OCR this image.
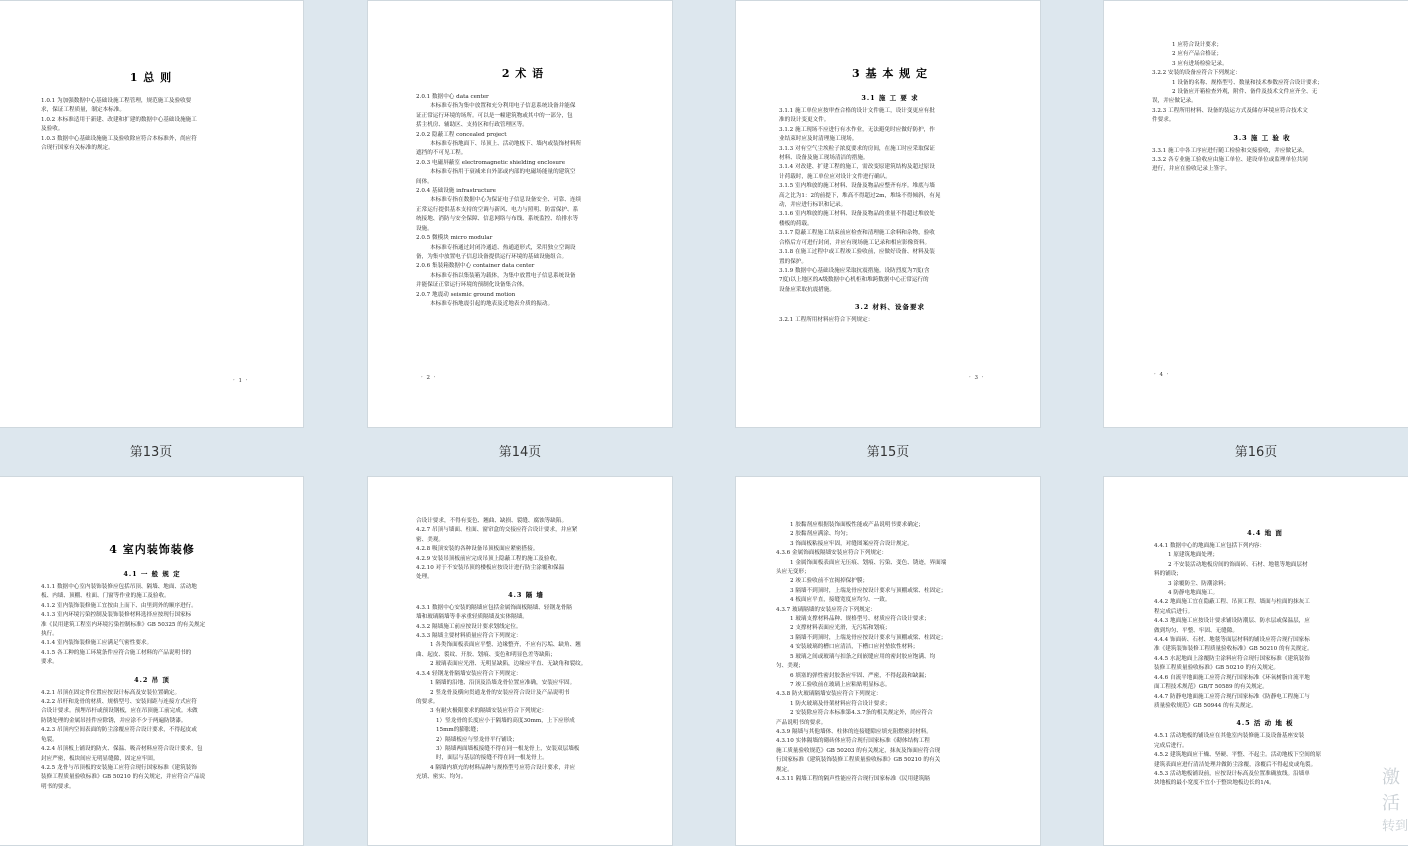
1 总 则
1.0.1 为加强数据中心基础设施工程管理，规范施工及验收要
求，保证工程质量，制定本标准。
1.0.2 本标准适用于新建、改建和扩建的数据中心基础设施施工
及验收。
1.0.3 数据中心基础设施施工及验收除应符合本标准外，尚应符
合现行国家有关标准的规定。
· 1 ·
第13页
2 术 语
2.0.1 数据中心 data center
本标准专指为集中放置和充分利用电子信息系统设备并能保
证正常运行环境的场所。可以是一幢建筑物或其中的一部分，包
括主机房、辅助区、支持区和行政管理区等。
2.0.2 隐蔽工程 concealed project
本标准专指地面下、吊顶上、活动地板下、墙内或装饰材料所
遮挡的不可见工程。
2.0.3 电磁屏蔽室 electromagnetic shielding enclosure
本标准专指用于衰减来自外部或内部的电磁场能量的建筑空
间体。
2.0.4 基础设施 infrastructure
本标准专指在数据中心为保证电子信息设备安全、可靠、连续
正常运行提供基本支持的空调与新风、电力与照明、防雷保护、系
统接地、消防与安全保障、信息网络与布线、系统监控、给排水等
设施。
2.0.5 微模块 micro modular
本标准专指通过封闭冷通道、热通道形式，采用独立空调设
备，为集中放置电子信息设备提供运行环境的基础设施组合。
2.0.6 集装箱数据中心 container data center
本标准专指以集装箱为载体，为集中放置电子信息系统设备
并能保证正常运行环境的预制化设备集合体。
2.0.7 地震动 seismic ground motion
本标准专指地震引起的地表及近地表介质的振动。
· 2 ·
第14页
3 基 本 规 定
3.1 施 工 要 求
3.1.1 施工单位应按审查合格的设计文件施工，设计变更应有批
准的设计变更文件。
3.1.2 施工现场不应进行有水作业，无法避免时应做好防护，作
业结束时应及时清理施工现场。
3.1.3 对有空气尘埃粒子浓度要求的房间，在施工时应采取保证
材料、设备及施工现场清洁的措施。
3.1.4 对改建、扩建工程的施工，需改变原建筑结构及超过原设
计荷载时，施工单位应对设计文件进行确认。
3.1.5 室内堆放的施工材料、设备及物品应整齐有序。堆底与墙
高之比为1：2的前提下，堆高不得超过2m，堆垛不得倾斜，有晃
动，并应进行标识和记录。
3.1.6 室内堆放的施工材料、设备及物品的重量不得超过堆放处
楼板的荷载。
3.1.7 隐蔽工程施工结束前应检查和清理施工余料和杂物，验收
合格后方可进行封闭，并应有现场施工记录和相应影像资料。
3.1.8 在施工过程中或工程竣工验收前，应做好设备、材料及装
置的保护。
3.1.9 数据中心基础设施应采取抗震措施。设防烈度为7度(含
7度)以上地区的A级数据中心机柜和堆跨数据中心正常运行的
设备应采取抗震措施。
3.2 材料、设备要求
3.2.1 工程所用材料应符合下列规定：
· 3 ·
第15页
1 应符合设计要求；
2 应有产品合格证；
3 应有进场检验记录。
3.2.2 安装的设备应符合下列规定：
1 设备的名称、规格型号、数量和技术参数应符合设计要求；
2 设备应开箱检查外观，附件、备件及技术文件应齐全、无
误，并应做记录。
3.2.3 工程所用材料、设备的装运方式及储存环境应符合技术文
件要求。
3.3 施 工 验 收
3.3.1 施工中各工序应进行随工检验和交接验收，并应做记录。
3.3.2 各专业施工验收应由施工单位、建设单位或监理单位共同
进行，并应在验收记录上签字。
· 4 ·
第16页
4 室内装饰装修
4.1 一 般 规 定
4.1.1 数据中心室内装饰装修应包括吊顶、隔墙、地面、活动地
板、内墙、顶棚、柱面、门窗等作业的施工及验收。
4.1.2 室内装饰装修施工宜按由上而下、由里到外的顺序进行。
4.1.3 室内环境污染控制及装饰装修材料选择应按现行国家标
准《民用建筑工程室内环境污染控制标准》GB 50325 的有关规定
执行。
4.1.4 室内装饰装修施工应满足气密性要求。
4.1.5 各工种的施工环境条件应符合施工材料的产品说明书的
要求。
4.2 吊 顶
4.2.1 吊顶在固定件位置应按设计标高及安装位置确定。
4.2.2 吊杆和龙骨的材质、规格型号、安装间距与连接方式应符
合设计要求。预埋吊杆或预设钢板，应在吊顶施工前完成。未做
防锈处理的金属吊挂件应除锈，并应涂不少于两遍防锈漆。
4.2.3 吊顶内空间表面的防尘涂覆应符合设计要求，不得起皮或
龟裂。
4.2.4 吊顶板上铺设的防火、保温、吸音材料应符合设计要求，包
封应严密，板块间应无明显缝隙，固定应牢固。
4.2.5 龙骨与吊顶板的安装施工应符合现行国家标准《建筑装饰
装修工程质量验收标准》GB 50210 的有关规定，并应符合产品说
明书的要求。
合设计要求，不得有变色、翘曲、缺损、裂缝、腐蚀等缺陷。
4.2.7 吊顶与墙面、柱面、窗帘盒的交接应符合设计要求，并应紧
密、美观。
4.2.8 吸顶安装的各种设备吊顶板面应紧密搭接。
4.2.9 安装吊顶板前应完成吊顶上隐蔽工程的施工及验收。
4.2.10 对于不安装吊顶的楼板应按设计进行防尘涂覆和保温
处理。
4.3 隔 墙
4.3.1 数据中心安装的隔墙应包括金属饰面板隔墙、轻钢龙骨隔
墙和玻璃隔墙等非承重轻质隔墙及实体隔墙。
4.3.2 隔墙施工前应按设计要求划线定位。
4.3.3 隔墙主要材料质量应符合下列规定：
1 各类饰面板表面应平整、边缘整齐，不应有污垢、缺角、翘
曲、起皮、裂纹、开胶、划痕、变色和明显色差等缺陷；
2 玻璃表面应光滑、无明显缺陷，边缘应平直、无缺角和裂纹。
4.3.4 轻钢龙骨隔墙安装应符合下列规定：
1 隔墙的沿地、沿顶及沿墙龙骨位置应准确，安装应牢固。
2 竖龙骨及横向贯通龙骨的安装应符合设计及产品说明书
的要求。
3 有耐火极限要求的隔墙安装应符合下列规定：
1）竖龙骨的长度应小于隔墙的高度30mm，上下应形成
15mm的膨胀缝；
2）隔墙板应与竖龙骨平行铺设；
3）隔墙两面墙板接缝不得在同一根龙骨上，安装双层墙板
时，面层与基层的接缝不得在同一根龙骨上。
4 隔墙内填充的材料品种与规格型号应符合设计要求，并应
充填、密实、均匀。
1 胶黏剂应根据装饰面板性能或产品说明书要求确定；
2 胶黏剂应满涂、均匀；
3 饰面板粘接应牢固，对缝图案应符合设计规定。
4.3.6 金属饰面板隔墙安装应符合下列规定：
1 金属饰面板表面应无压痕、划痕、污染、变色、锈迹，界面端
头应无变形；
2 竣工验收前不宜揭掉保护膜；
3 隔墙不到顶时，上端龙骨应按设计要求与顶棚或梁、柱固定；
4 板面应平直，接缝宽度应均匀、一致。
4.3.7 玻璃隔墙的安装应符合下列规定：
1 玻璃支撑材料品种、规格型号、材质应符合设计要求；
2 支撑材料表面应光滑，无污垢和划痕；
3 隔墙不到顶时，上端龙骨应按设计要求与顶棚或梁、柱固定；
4 安装玻璃的槽口应清洁，下槽口应衬垫软性材料；
5 玻璃之间或玻璃与扣条之间嵌缝应用的密封胶应饱满、均
匀、美观；
6 填塞的弹性密封胶条应牢固、严密，不得起鼓和缺漏；
7 竣工验收前在玻璃上应粘贴明显标志。
4.3.8 防火玻璃隔墙安装应符合下列规定：
1 防火玻璃及骨架材料应符合设计要求；
2 安装除应符合本标准第4.3.7条的相关规定外，尚应符合
产品说明书的要求。
4.3.9 隔墙与其他墙体、柱体的连接缝隙应填充阻燃密封材料。
4.3.10 实体隔墙的砌砖体应符合现行国家标准《砌体结构工程
施工质量验收规范》GB 50203 的有关规定，抹灰及饰面应符合现
行国家标准《建筑装饰装修工程质量验收标准》GB 50210 的有关
规定。
4.3.11 隔墙工程的隔声性能应符合现行国家标准《民用建筑隔
4.4 地 面
4.4.1 数据中心的地面施工应包括下列内容：
1 原建筑地面处理；
2 不安装活动地板房间的饰面砖、石材、地毯等地面层材
料的铺设；
3 涂覆防尘、防潮涂料；
4 防静电地面施工。
4.4.2 地面施工宜在隐蔽工程、吊顶工程、墙面与柱面的抹灰工
程完成后进行。
4.4.3 地面施工应按设计要求铺设防潮层、防水层或保温层，应
做到均匀、平整、牢固、无缝隙。
4.4.4 饰面砖、石材、地毯等面层材料的铺设应符合现行国家标
准《建筑装饰装修工程质量验收标准》GB 50210 的有关规定。
4.4.5 水泥地面上涂覆防尘涂料应符合现行国家标准《建筑装饰
装修工程质量验收标准》GB 50210 的有关规定。
4.4.6 自流平地面施工应符合现行国家标准《环氧树脂自流平地
面工程技术规范》GB/T 50589 的有关规定。
4.4.7 防静电地面施工应符合现行国家标准《防静电工程施工与
质量验收规范》GB 50944 的有关规定。
4.5 活 动 地 板
4.5.1 活动地板的铺设应在其他室内装修施工及设备基座安装
完成后进行。
4.5.2 建筑地面应干燥、坚硬、平整、不起尘。活动地板下空间的原
建筑表面应进行清洁处理并做防尘涂覆，涂覆后不得起皮或龟裂。
4.5.3 活动地板铺设前，应按设计标高及位置准确放线。沿墙单
块地板的最小宽度不宜小于整块地板边长的1/4。	激活
转到
